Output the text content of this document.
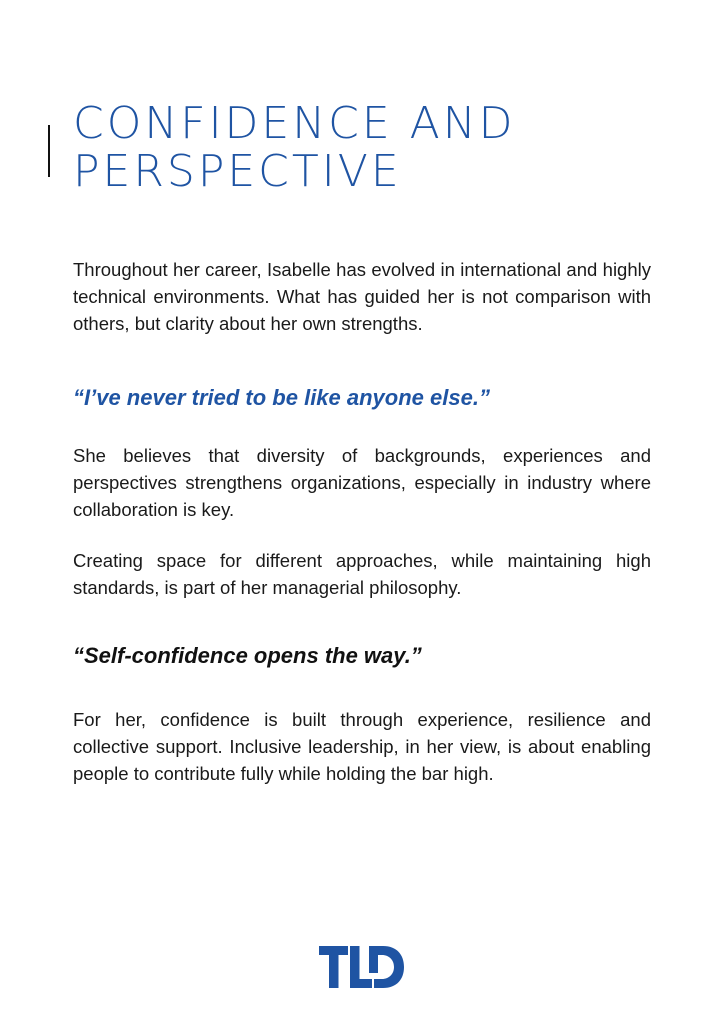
CONFIDENCE AND
PERSPECTIVE

Throughout her career, Isabelle has evolved in international and highly technical environments. What has guided her is not comparison with others, but clarity about her own strengths.

“I’ve never tried to be like anyone else.”

She believes that diversity of backgrounds, experiences and perspectives strengthens organizations, especially in industry where collaboration is key.

Creating space for different approaches, while maintaining high standards, is part of her managerial philosophy.

“Self-confidence opens the way.”

For her, confidence is built through experience, resilience and collective support. Inclusive leadership, in her view, is about enabling people to contribute fully while holding the bar high.
